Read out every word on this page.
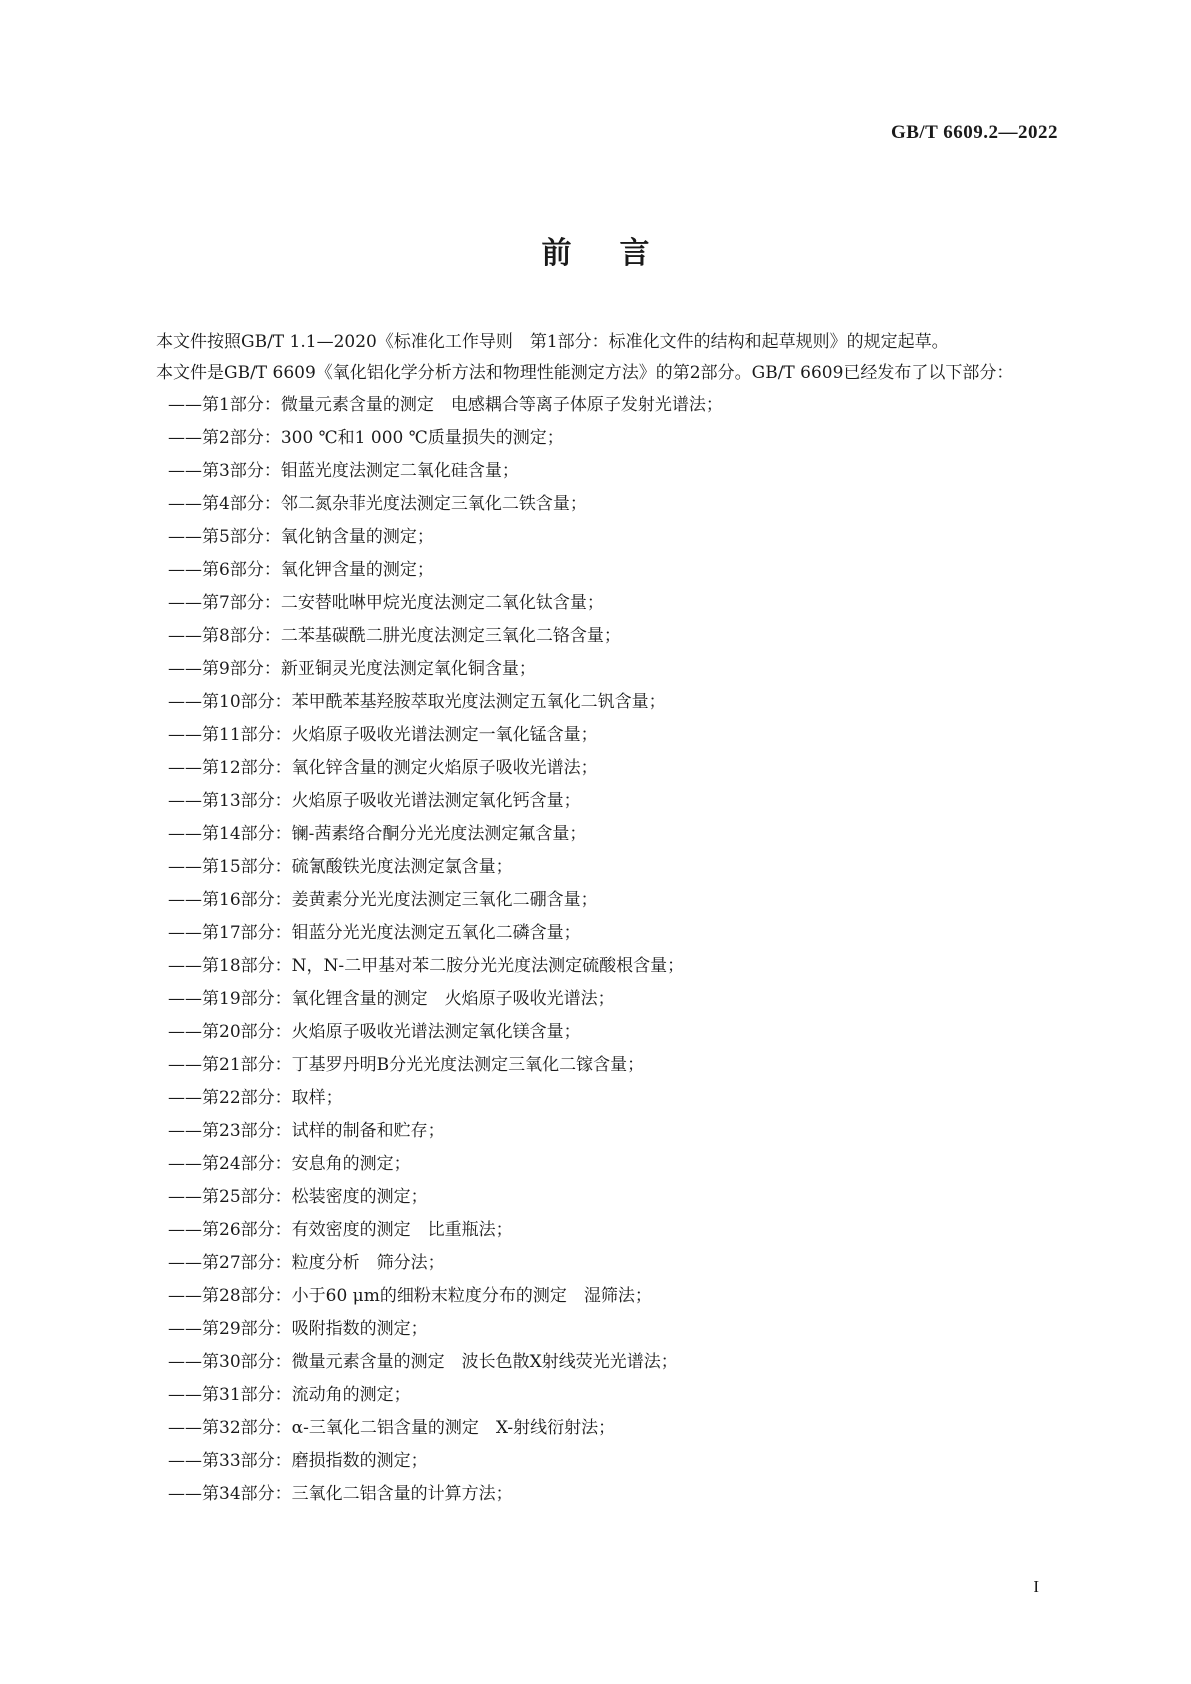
GB/T 6609.2—2022
前言

本文件按照GB/T 1.1—2020《标准化工作导则　第1部分：标准化文件的结构和起草规则》的规定起草。

本文件是GB/T 6609《氧化铝化学分析方法和物理性能测定方法》的第2部分。GB/T 6609已经发布了以下部分：

——第1部分：微量元素含量的测定　电感耦合等离子体原子发射光谱法；
——第2部分：300 ℃和1 000 ℃质量损失的测定；
——第3部分：钼蓝光度法测定二氧化硅含量；
——第4部分：邻二氮杂菲光度法测定三氧化二铁含量；
——第5部分：氧化钠含量的测定；
——第6部分：氧化钾含量的测定；
——第7部分：二安替吡啉甲烷光度法测定二氧化钛含量；
——第8部分：二苯基碳酰二肼光度法测定三氧化二铬含量；
——第9部分：新亚铜灵光度法测定氧化铜含量；
——第10部分：苯甲酰苯基羟胺萃取光度法测定五氧化二钒含量；
——第11部分：火焰原子吸收光谱法测定一氧化锰含量；
——第12部分：氧化锌含量的测定火焰原子吸收光谱法；
——第13部分：火焰原子吸收光谱法测定氧化钙含量；
——第14部分：镧-茜素络合酮分光光度法测定氟含量；
——第15部分：硫氰酸铁光度法测定氯含量；
——第16部分：姜黄素分光光度法测定三氧化二硼含量；
——第17部分：钼蓝分光光度法测定五氧化二磷含量；
——第18部分：N，N-二甲基对苯二胺分光光度法测定硫酸根含量；
——第19部分：氧化锂含量的测定　火焰原子吸收光谱法；
——第20部分：火焰原子吸收光谱法测定氧化镁含量；
——第21部分：丁基罗丹明B分光光度法测定三氧化二镓含量；
——第22部分：取样；
——第23部分：试样的制备和贮存；
——第24部分：安息角的测定；
——第25部分：松装密度的测定；
——第26部分：有效密度的测定　比重瓶法；
——第27部分：粒度分析　筛分法；
——第28部分：小于60 μm的细粉末粒度分布的测定　湿筛法；
——第29部分：吸附指数的测定；
——第30部分：微量元素含量的测定　波长色散X射线荧光光谱法；
——第31部分：流动角的测定；
——第32部分：α-三氧化二铝含量的测定　X-射线衍射法；
——第33部分：磨损指数的测定；
——第34部分：三氧化二铝含量的计算方法；
I
